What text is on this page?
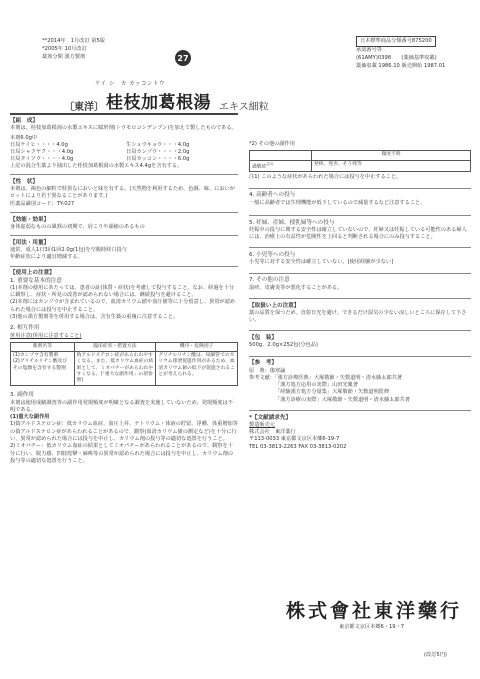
**2014年　1月改訂 第5版
*2005年 10月改訂
薬効分類 漢方製剤	27
日本標準商品分類番号875200
承認番号等
(61AMY)0398　　(薬価基準収載)
薬価収載 1986.10 販売開始 1987.01
ケイ シ　カ カッコントウ
〔東洋〕 桂枝加葛根湯 エキス細粒
【組　成】
本剤は、桂枝加葛根湯の水製エキスに賦形剤(トウモロコシデンプン)を加えて製したものである。
本剤6.0g中
日局ケイヒ・・・・4.0g	生ショウキョウ・・・4.0g
日局シャクヤク・・・4.0g	日局カンゾウ・・・・2.0g
日局タイソウ・・・・4.0g	日局カッコン・・・・6.0g
上記の混合生薬より抽出した桂枝加葛根湯の水製エキス4.4gを含有する。
【性　状】
本剤は、褐色の細粒で特異なにおいと味を有する。(天然物を利用するため、色調、味、においがロットにより若干異なることがあります。)
医薬品識別コード：TY-027
【効能・効果】
身体虚弱なものの風邪の初期で、肩こりや頭痛のあるもの
【用法・用量】
通常、成人1日3回1回2.0g(1包)を空腹時経口投与
年齢症状により適宜増減する。
【使用上の注意】
1. 重要な基本的注意
(1)本剤の使用にあたっては、患者の証(体質・症状)を考慮して投与すること。なお、経過を十分に観察し、症状・所見の改善が認められない場合には、継続投与を避けること。
(2)本剤にはカンゾウが含まれているので、血清カリウム値や血圧値等に十分留意し、異常が認められた場合には投与を中止すること。
(3)他の漢方製剤等を併用する場合は、含有生薬の重複に注意すること。
2. 相互作用
併用注意(併用に注意すること)
薬剤名等	臨床症状・措置方法	機序・危険因子

(1)カンゾウ含有製剤
(2)グリチルリチン酸及びその塩類を含有する製剤	偽アルドステロン症があらわれやすくなる。また、低カリウム血症の結果として、ミオパチーがあらわれやすくなる。(「重大な副作用」の項参照)	グリチルリチン酸は、尿細管でのカリウム排泄促進作用があるため、血清カリウム値の低下が促進されることが考えられる。
3. 副作用
本剤は使用成績調査等の副作用発現頻度が明確となる調査を実施していないため、発現頻度は不明である。
(1)重大な副作用
1)偽アルドステロン症：低カリウム血症、血圧上昇、ナトリウム・体液の貯留、浮腫、体重増加等の偽アルドステロン症があらわれることがあるので、観察(血清カリウム値の測定など)を十分に行い、異常が認められた場合には投与を中止し、カリウム剤の投与等の適切な処置を行うこと。
2)ミオパチー：低カリウム血症の結果としてミオパチーがあらわれることがあるので、観察を十分に行い、脱力感、四肢痙攣・麻痺等の異常が認められた場合には投与を中止し、カリウム剤の投与等の適切な処置を行うこと。
*2) その他の副作用
	頻度不明
過敏症$^{注1)}$	発疹、発赤、そう痒等
注1) このような症状があらわれた場合には投与を中止すること。
4. 高齢者への投与
一般に高齢者では生理機能が低下しているので減量するなど注意すること。
5. 妊婦、産婦、授乳婦等への投与
妊娠中の投与に関する安全性は確立していないので、妊婦又は妊娠している可能性のある婦人には、治療上の有益性が危険性を上回ると判断される場合にのみ投与すること。
6. 小児等への投与
小児等に対する安全性は確立していない。[使用経験が少ない]
7. その他の注意
湿疹、皮膚炎等が悪化することがある。
【取扱い上の注意】
薬の品質を保つため、直射日光を避け、できるだけ湿気の少ない涼しいところに保存して下さい。
【包　装】
500g、2.0g×252包(分包品)
【参　考】
原　典：傷寒論
参考文献：「漢方診療医典」大塚敬節・矢数道明・清水藤太郎共著
「漢方処方応用の実際」山田光胤著
「経験漢方処方分量集」大塚敬節・矢数道明監修
「漢方診療の実際」大塚敬節・矢数道明・清水藤太郎共著
*【文献請求先】
製造販売元
株式会社　東洋薬行
〒113-0033 東京都文京区本郷6-19-7
TEL 03-3813-2263 FAX 03-3813-0202
株式會社東洋藥行
東京都文京区本郷6・19・7
(改訂5円)
